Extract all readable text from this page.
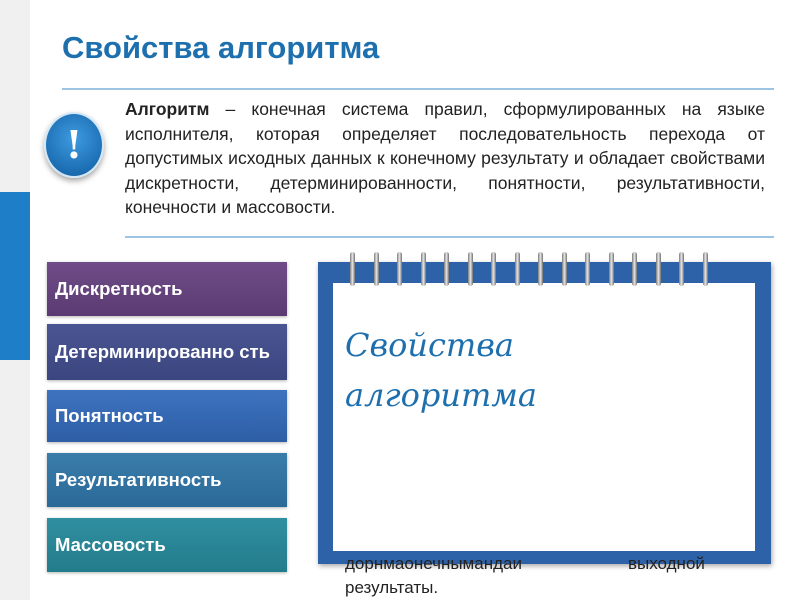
Свойства алгоритма
!
Алгоритм – конечная система правил, сформулированных на языке исполнителя, которая определяет последовательность перехода от допустимых исходных данных к конечному результату и обладает свойствами дискретности, детерминированности, понятности, результативности, конечности и массовости.
Дискретность
Детерминированно сть
Понятность
Результативность
Массовость
Свойства
алгоритма
дорнмаонечнымандаи
результаты.
выходной
